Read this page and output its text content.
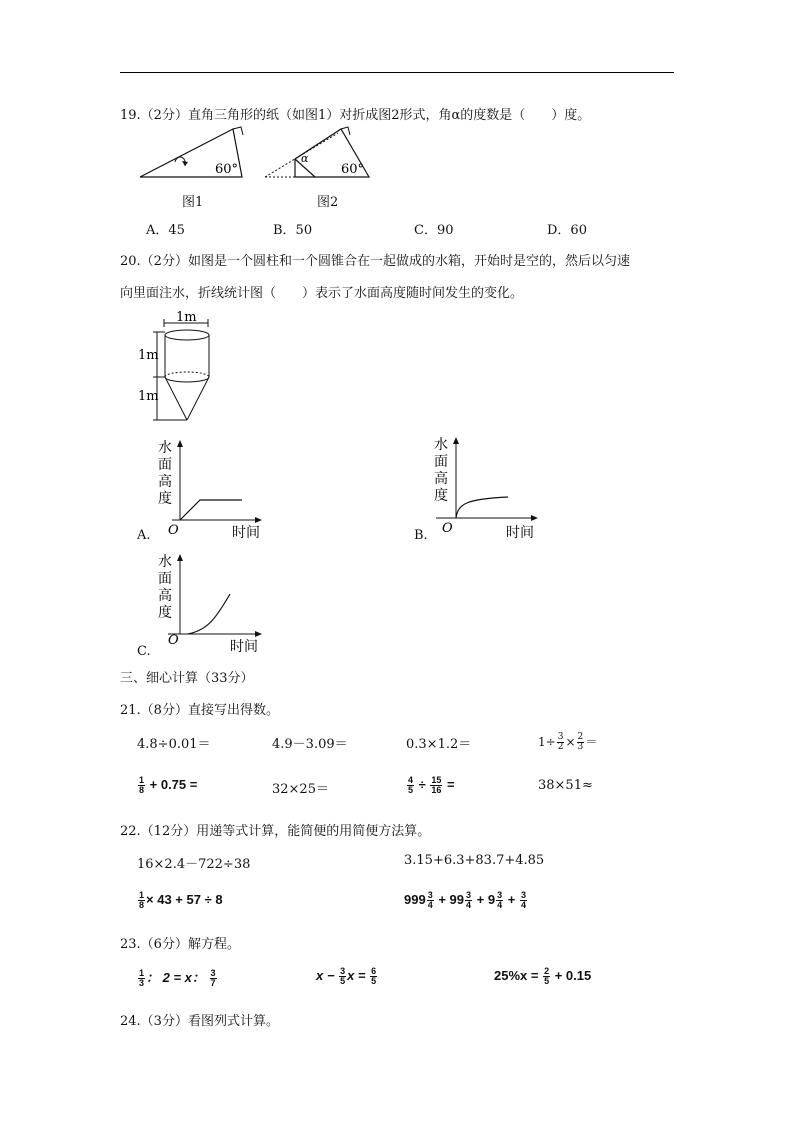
19.（2分）直角三角形的纸（如图1）对折成图2形式，角α的度数是（　　）度。
60°
α
60°
图1	图2
A．45	B．50	C．90	D．60
20.（2分）如图是一个圆柱和一个圆锥合在一起做成的水箱，开始时是空的，然后以匀速
向里面注水，折线统计图（　　）表示了水面高度随时间发生的变化。
1m
1m
1m
水
面
高
度
O	时间
A.
水
面
高
度
O	时间
B.
水
面
高
度
O	时间
C.
三、细心计算（33分）
21.（8分）直接写出得数。
4.8÷0.01＝	4.9－3.09＝	0.3×1.2＝	$1\div \frac{3}{2} \times \frac{2}{3}$ ＝
$\frac{1}{8} + 0.75$ =	32×25＝	$\frac{4}{5} \div \frac{15}{16}$ =	38×51≈
22.（12分）用递等式计算，能简便的用简便方法算。
16×2.4－722÷38	3.15+6.3+83.7+4.85
$\frac{1}{8} \times 43 + 57 \div 8$	$999 \frac{3}{4} + 99 \frac{3}{4} + 9 \frac{3}{4} + \frac{3}{4}$
23.（6分）解方程。
$\frac{1}{3}$ ： 2 = x： $\frac{3}{7}$	$x - \frac{3}{5}$ $x = \frac{6}{5}$	$25\%x = \frac{2}{5} + 0.15$
24.（3分）看图列式计算。
